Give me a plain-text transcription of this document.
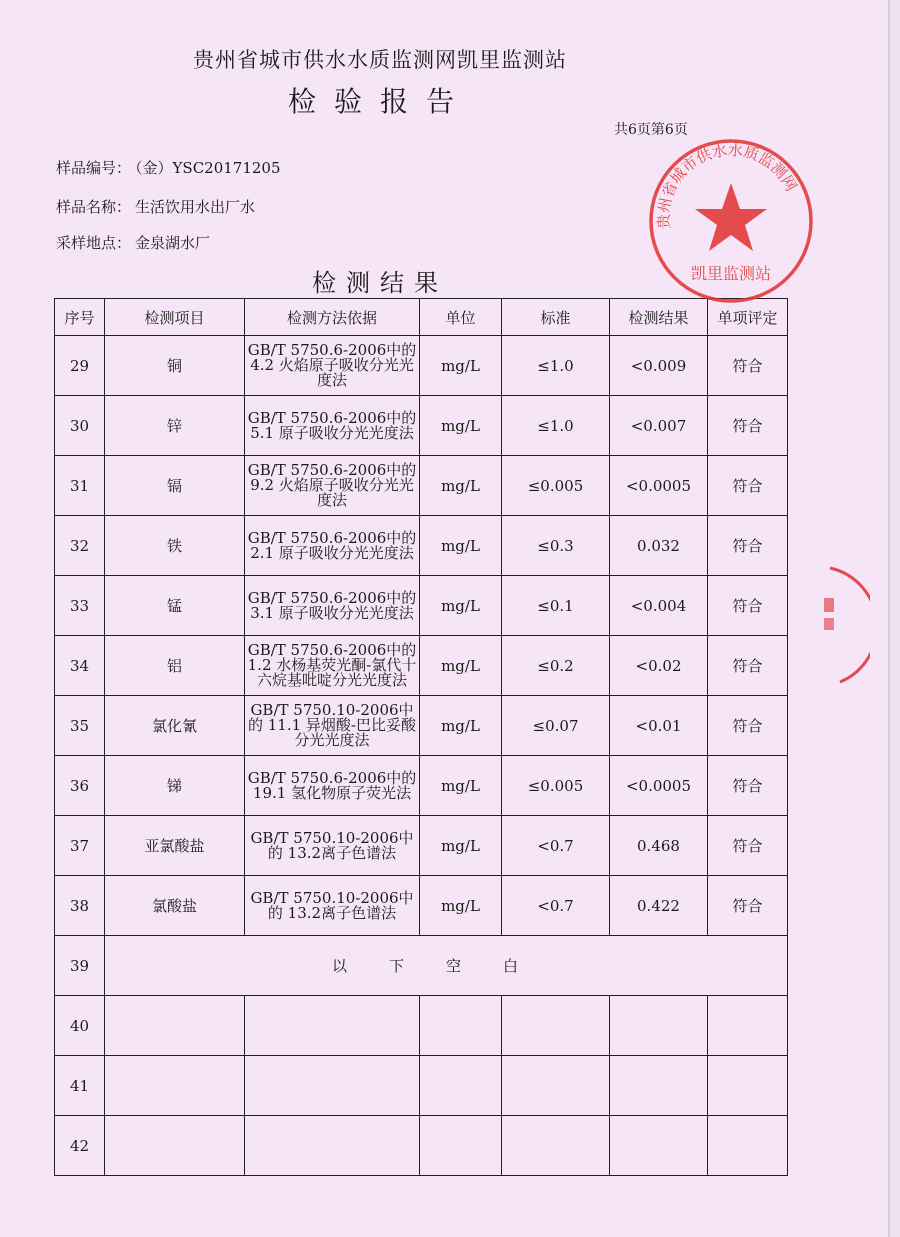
贵州省城市供水水质监测网凯里监测站
检验报告
共6页第6页
样品编号： （金）YSC20171205
样品名称： 生活饮用水出厂水
采样地点： 金泉湖水厂
检测结果
序号	检测项目	检测方法依据	单位	标准	检测结果	单项评定
29	铜	GB/T 5750.6-2006中的 4.2 火焰原子吸收分光光度法	mg/L	≤1.0	<0.009	符合
30	锌	GB/T 5750.6-2006中的 5.1 原子吸收分光光度法	mg/L	≤1.0	<0.007	符合
31	镉	GB/T 5750.6-2006中的 9.2 火焰原子吸收分光光度法	mg/L	≤0.005	<0.0005	符合
32	铁	GB/T 5750.6-2006中的 2.1 原子吸收分光光度法	mg/L	≤0.3	0.032	符合
33	锰	GB/T 5750.6-2006中的 3.1 原子吸收分光光度法	mg/L	≤0.1	<0.004	符合
34	铝	GB/T 5750.6-2006中的 1.2 水杨基荧光酮-氯代十六烷基吡啶分光光度法	mg/L	≤0.2	<0.02	符合
35	氯化氰	GB/T 5750.10-2006中的 11.1 异烟酸-巴比妥酸分光光度法	mg/L	≤0.07	<0.01	符合
36	锑	GB/T 5750.6-2006中的 19.1 氢化物原子荧光法	mg/L	≤0.005	<0.0005	符合
37	亚氯酸盐	GB/T 5750.10-2006中的 13.2离子色谱法	mg/L	<0.7	0.468	符合
38	氯酸盐	GB/T 5750.10-2006中的 13.2离子色谱法	mg/L	<0.7	0.422	符合
39	以下空白					
40						
41						
42						
贵州省城市供水水质监测网
凯里监测站
